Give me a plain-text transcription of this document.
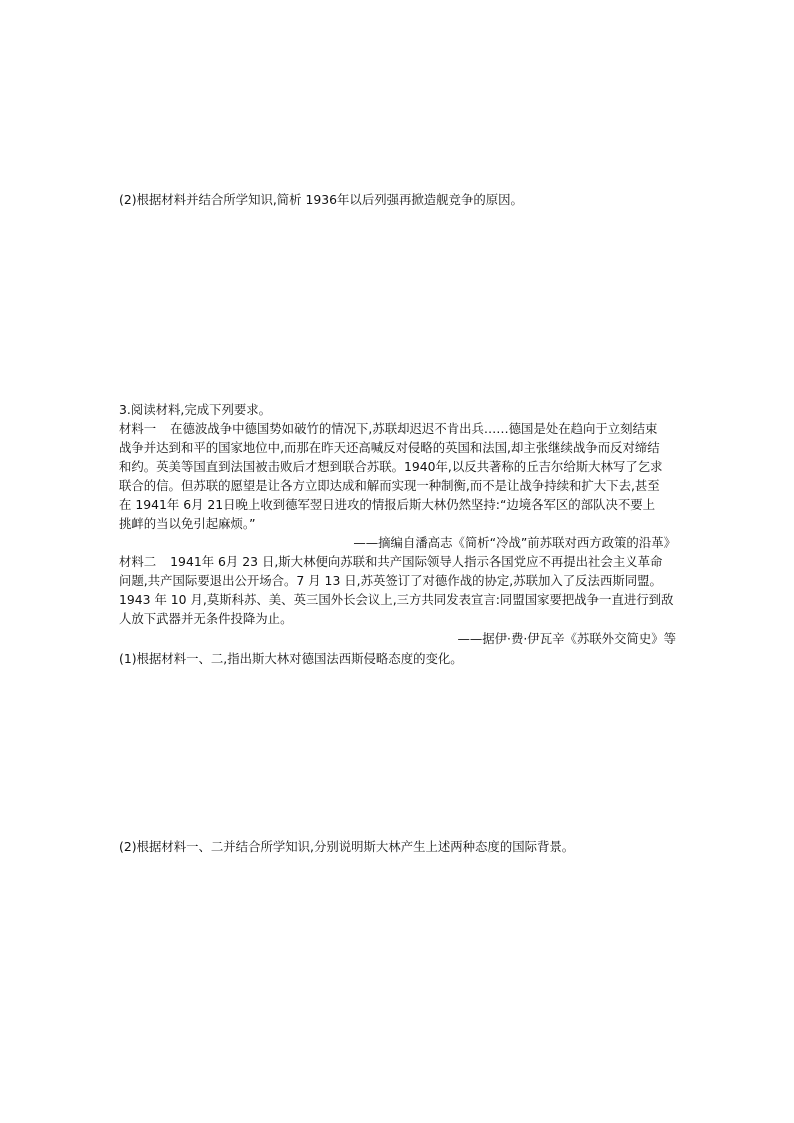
(2)根据材料并结合所学知识,简析 1936年以后列强再掀造舰竞争的原因。
3.阅读材料,完成下列要求。
材料一 在德波战争中德国势如破竹的情况下,苏联却迟迟不肯出兵……德国是处在趋向于立刻结束
战争并达到和平的国家地位中,而那在昨天还高喊反对侵略的英国和法国,却主张继续战争而反对缔结
和约。英美等国直到法国被击败后才想到联合苏联。1940年,以反共著称的丘吉尔给斯大林写了乞求
联合的信。但苏联的愿望是让各方立即达成和解而实现一种制衡,而不是让战争持续和扩大下去,甚至
在 1941年 6月 21日晚上收到德军翌日进攻的情报后斯大林仍然坚持:“边境各军区的部队决不要上
挑衅的当以免引起麻烦。”
——摘编自潘高志《简析“冷战”前苏联对西方政策的沿革》
材料二 1941年 6月 23 日,斯大林便向苏联和共产国际领导人指示各国党应不再提出社会主义革命
问题,共产国际要退出公开场合。7 月 13 日,苏英签订了对德作战的协定,苏联加入了反法西斯同盟。
1943 年 10 月,莫斯科苏、美、英三国外长会议上,三方共同发表宣言:同盟国家要把战争一直进行到敌
人放下武器并无条件投降为止。
——据伊·费·伊瓦辛《苏联外交简史》等
(1)根据材料一、二,指出斯大林对德国法西斯侵略态度的变化。
(2)根据材料一、二并结合所学知识,分别说明斯大林产生上述两种态度的国际背景。
